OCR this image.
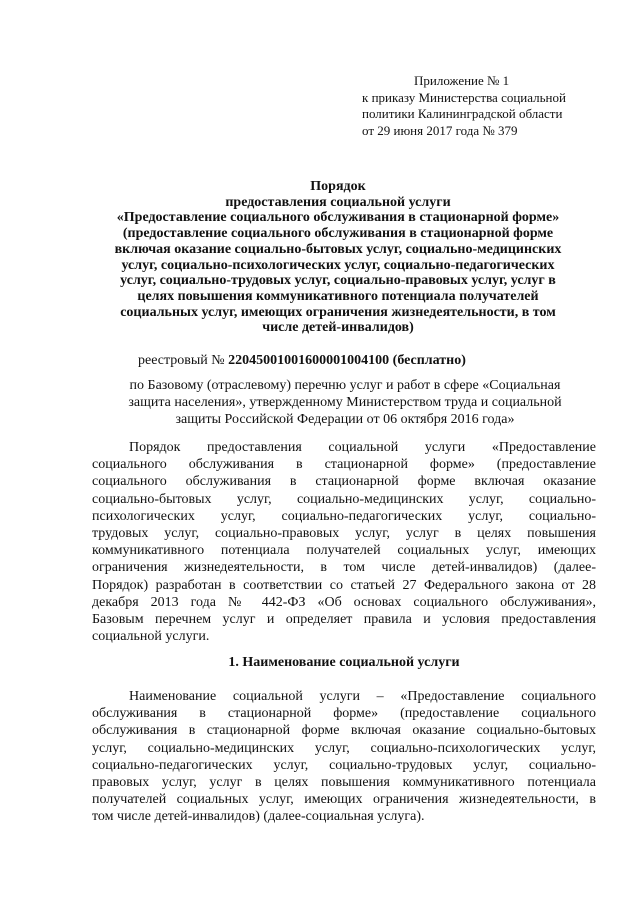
Приложение № 1
к приказу Министерства социальной
политики Калининградской области
от 29 июня 2017 года № 379
Порядок
предоставления социальной услуги
«Предоставление социального обслуживания в стационарной форме»
(предоставление социального обслуживания в стационарной форме
включая оказание социально-бытовых услуг, социально-медицинских
услуг, социально-психологических услуг, социально-педагогических
услуг, социально-трудовых услуг, социально-правовых услуг, услуг в
целях повышения коммуникативного потенциала получателей
социальных услуг, имеющих ограничения жизнедеятельности, в том
числе детей-инвалидов)
реестровый № 22045001001600001004100 (бесплатно)
по Базовому (отраслевому) перечню услуг и работ в сфере «Социальная
защита населения», утвержденному Министерством труда и социальной
защиты Российской Федерации от 06 октября 2016 года»
Порядок предоставления социальной услуги «Предоставление
социального обслуживания в стационарной форме» (предоставление
социального обслуживания в стационарной форме включая оказание
социально-бытовых услуг, социально-медицинских услуг, социально-
психологических услуг, социально-педагогических услуг, социально-
трудовых услуг, социально-правовых услуг, услуг в целях повышения
коммуникативного потенциала получателей социальных услуг, имеющих
ограничения жизнедеятельности, в том числе детей-инвалидов) (далее-
Порядок) разработан в соответствии со статьей 27 Федерального закона от 28
декабря 2013 года № 442-ФЗ «Об основах социального обслуживания»,
Базовым перечнем услуг и определяет правила и условия предоставления
социальной услуги.
1. Наименование социальной услуги
Наименование социальной услуги – «Предоставление социального
обслуживания в стационарной форме» (предоставление социального
обслуживания в стационарной форме включая оказание социально-бытовых
услуг, социально-медицинских услуг, социально-психологических услуг,
социально-педагогических услуг, социально-трудовых услуг, социально-
правовых услуг, услуг в целях повышения коммуникативного потенциала
получателей социальных услуг, имеющих ограничения жизнедеятельности, в
том числе детей-инвалидов) (далее-социальная услуга).
